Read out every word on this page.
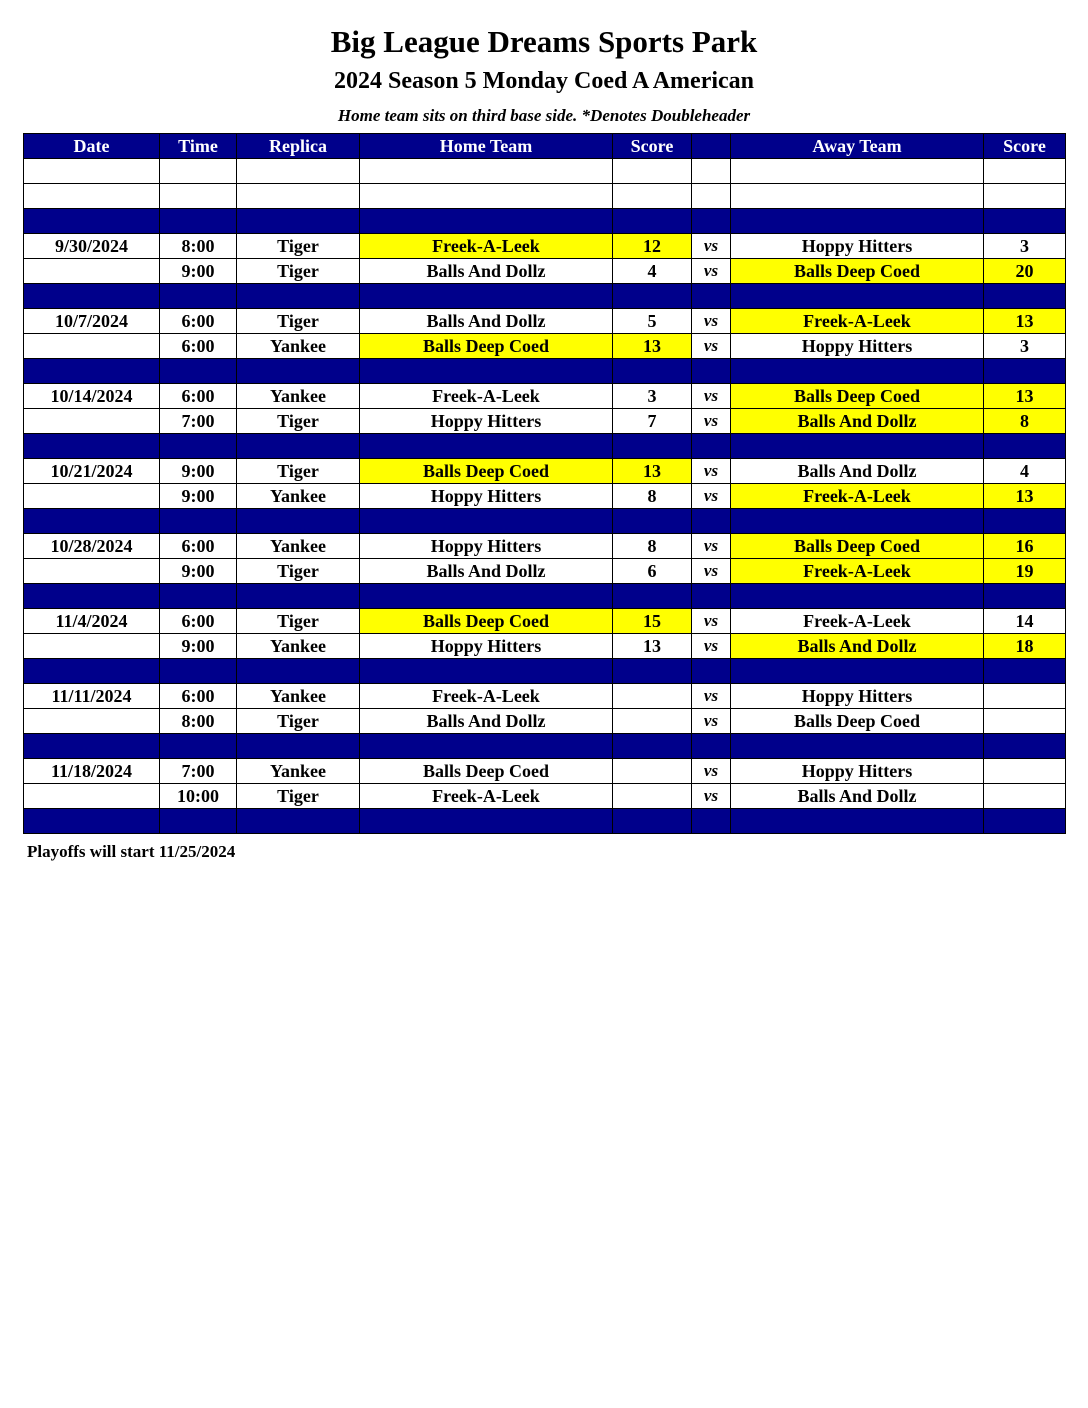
Big League Dreams Sports Park
2024 Season 5 Monday Coed A American
Home team sits on third base side. *Denotes Doubleheader
Date	Time	Replica	Home Team	Score		Away Team	Score

9/30/2024	8:00	Tiger	Freek-A-Leek	12	vs	Hoppy Hitters	3
	9:00	Tiger	Balls And Dollz	4	vs	Balls Deep Coed	20

10/7/2024	6:00	Tiger	Balls And Dollz	5	vs	Freek-A-Leek	13
	6:00	Yankee	Balls Deep Coed	13	vs	Hoppy Hitters	3

10/14/2024	6:00	Yankee	Freek-A-Leek	3	vs	Balls Deep Coed	13
	7:00	Tiger	Hoppy Hitters	7	vs	Balls And Dollz	8

10/21/2024	9:00	Tiger	Balls Deep Coed	13	vs	Balls And Dollz	4
	9:00	Yankee	Hoppy Hitters	8	vs	Freek-A-Leek	13

10/28/2024	6:00	Yankee	Hoppy Hitters	8	vs	Balls Deep Coed	16
	9:00	Tiger	Balls And Dollz	6	vs	Freek-A-Leek	19

11/4/2024	6:00	Tiger	Balls Deep Coed	15	vs	Freek-A-Leek	14
	9:00	Yankee	Hoppy Hitters	13	vs	Balls And Dollz	18

11/11/2024	6:00	Yankee	Freek-A-Leek		vs	Hoppy Hitters	
	8:00	Tiger	Balls And Dollz		vs	Balls Deep Coed	

11/18/2024	7:00	Yankee	Balls Deep Coed		vs	Hoppy Hitters	
	10:00	Tiger	Freek-A-Leek		vs	Balls And Dollz	

Playoffs will start 11/25/2024
